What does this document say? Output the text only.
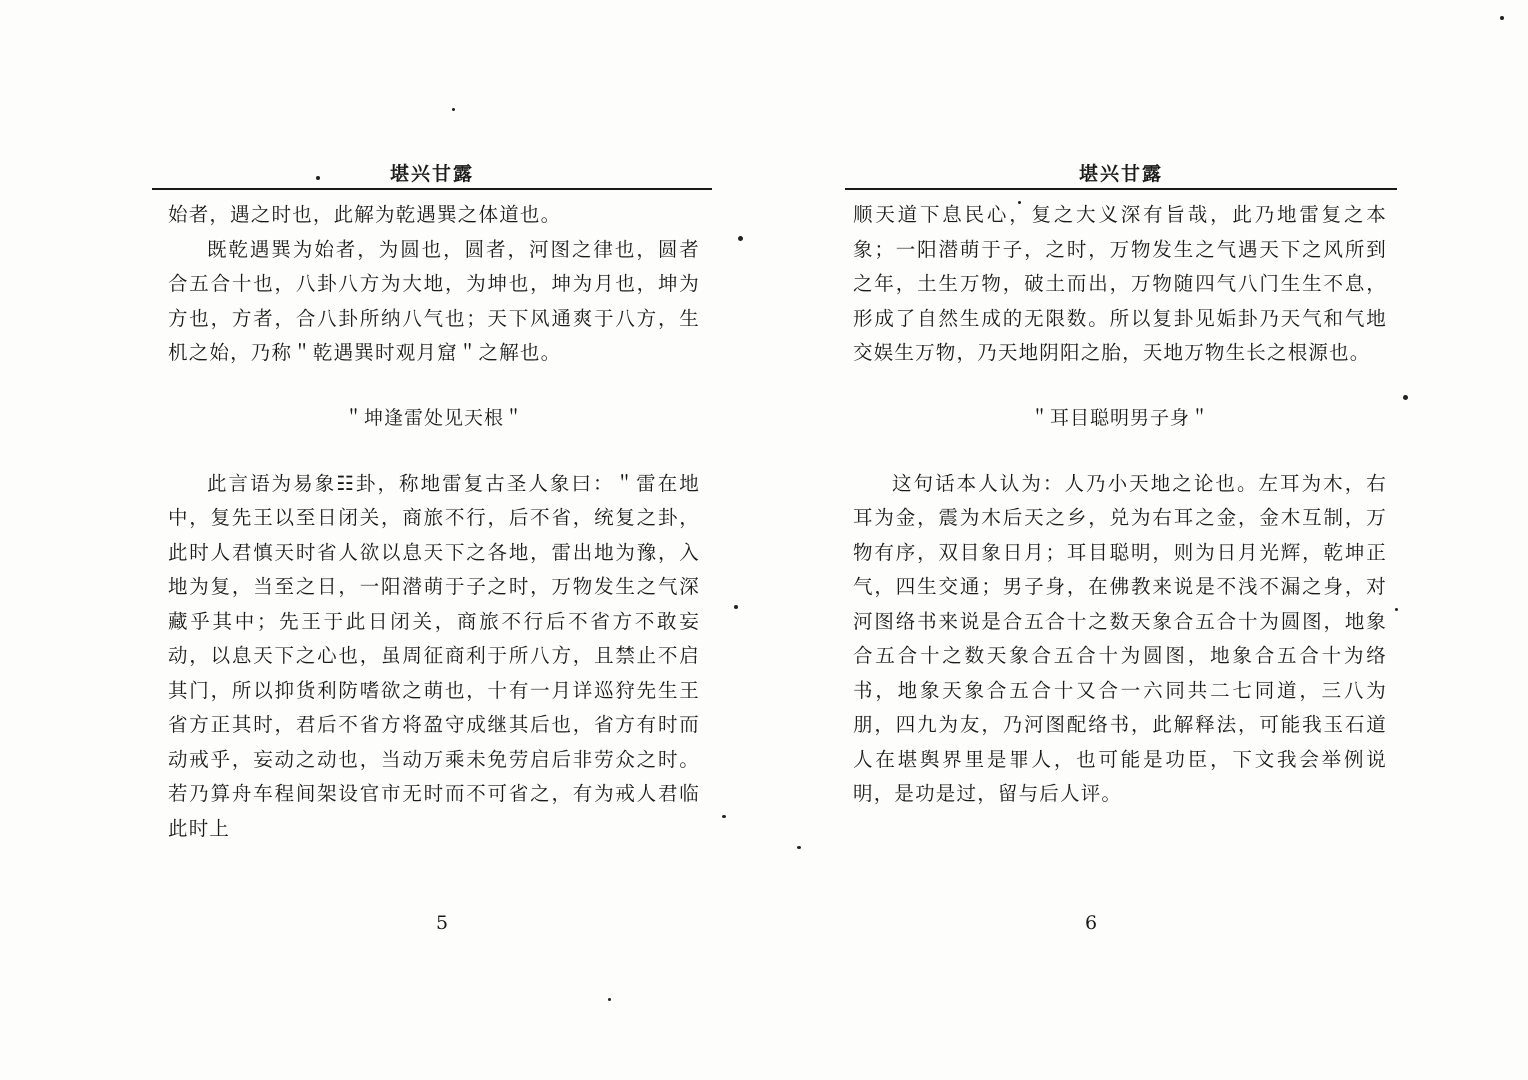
堪兴甘露

始者，遇之时也，此解为乾遇巽之体道也。

既乾遇巽为始者，为圆也，圆者，河图之律也，圆者合五合十也，八卦八方为大地，为坤也，坤为月也，坤为方也，方者，合八卦所纳八气也；天下风通爽于八方，生机之始，乃称＂乾遇巽时观月窟＂之解也。

＂坤逢雷处见天根＂

此言语为易象☷卦，称地雷复古圣人象曰：＂雷在地中，复先王以至日闭关，商旅不行，后不省，统复之卦，此时人君慎天时省人欲以息天下之各地，雷出地为豫，入地为复，当至之日，一阳潜萌于子之时，万物发生之气深藏乎其中；先王于此日闭关，商旅不行后不省方不敢妄动，以息天下之心也，虽周征商利于所八方，且禁止不启其门，所以抑货利防嗜欲之萌也，十有一月详巡狩先生王省方正其时，君后不省方将盈守成继其后也，省方有时而动戒乎，妄动之动也，当动万乘未免劳启后非劳众之时。若乃算舟车程间架设官市无时而不可省之，有为戒人君临此时上

5
堪兴甘露

顺天道下息民心，复之大义深有旨哉，此乃地雷复之本象；一阳潜萌于子，之时，万物发生之气遇天下之风所到之年，土生万物，破土而出，万物随四气八门生生不息，形成了自然生成的无限数。所以复卦见姤卦乃天气和气地交娱生万物，乃天地阴阳之胎，天地万物生长之根源也。

＂耳目聪明男子身＂

这句话本人认为：人乃小天地之论也。左耳为木，右耳为金，震为木后天之乡，兑为右耳之金，金木互制，万物有序，双目象日月；耳目聪明，则为日月光辉，乾坤正气，四生交通；男子身，在佛教来说是不浅不漏之身，对河图络书来说是合五合十之数天象合五合十为圆图，地象合五合十之数天象合五合十为圆图，地象合五合十为络书，地象天象合五合十又合一六同共二七同道，三八为朋，四九为友，乃河图配络书，此解释法，可能我玉石道人在堪舆界里是罪人，也可能是功臣，下文我会举例说明，是功是过，留与后人评。

6
